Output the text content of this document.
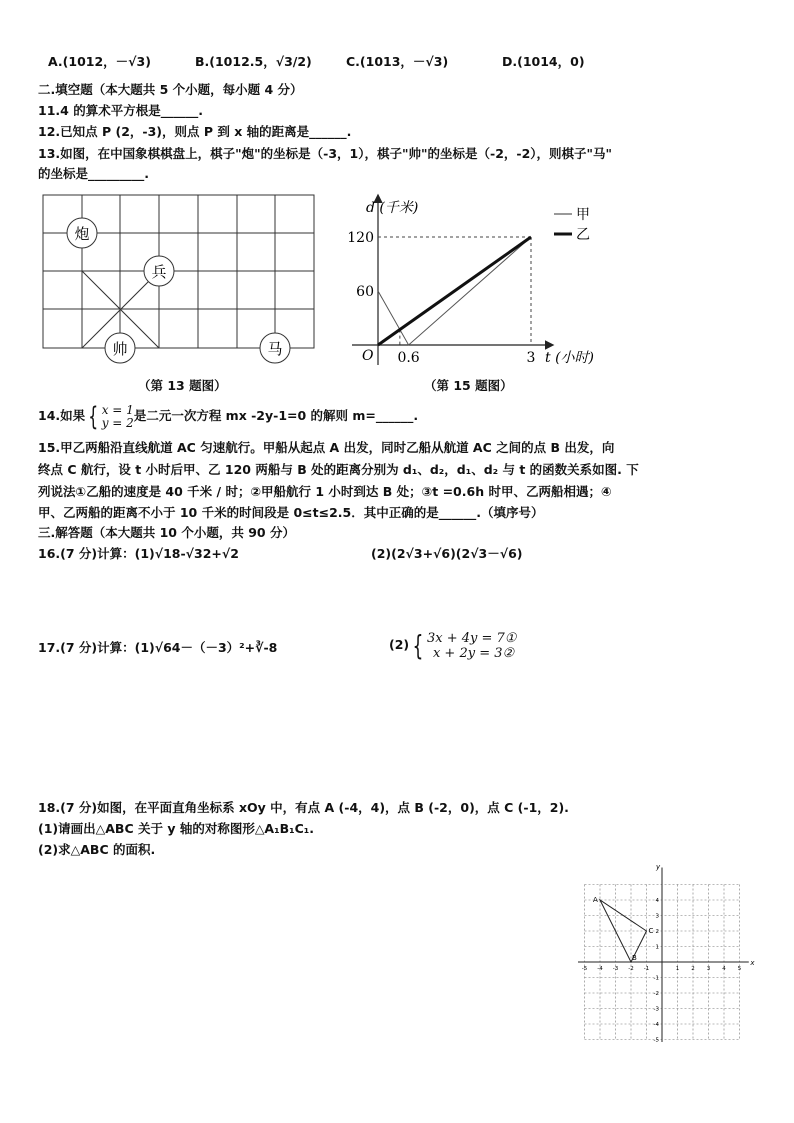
A.(1012，－√3)	B.(1012.5，√3/2)	C.(1013，－√3)	D.(1014，0)
二.填空题（本大题共 5 个小题，每小题 4 分）
11.4 的算术平方根是______.
12.已知点 P (2，-3)，则点 P 到 x 轴的距离是______.
13.如图，在中国象棋棋盘上，棋子"炮"的坐标是（-3，1），棋子"帅"的坐标是（-2，-2），则棋子"马"
的坐标是_________.
炮
兵
帅	马
d (千米)
t (小时)
O
120
60
0.6	3
甲
乙
（第 13 题图）	（第 15 题图）
14.如果 { x = 1
y = 2 是二元一次方程 mx -2y-1=0 的解则 m=______.
15.甲乙两船沿直线航道 AC 匀速航行。甲船从起点 A 出发，同时乙船从航道 AC 之间的点 B 出发，向
终点 C 航行，设 t 小时后甲、乙 120 两船与 B 处的距离分别为 d₁、d₂，d₁、d₂ 与 t 的函数关系如图. 下
列说法①乙船的速度是 40 千米 / 时；②甲船航行 1 小时到达 B 处；③t =0.6h 时甲、乙两船相遇；④
甲、乙两船的距离不小于 10 千米的时间段是 0≤t≤2.5．其中正确的是______.（填序号）
三.解答题（本大题共 10 个小题，共 90 分）
16.(7 分)计算：(1)√18-√32+√2	(2)(2√3+√6)(2√3－√6)
17.(7 分)计算：(1)√64－（－3）²+∛-8	(2) { 3x + 4y = 7①
x + 2y = 3②
18.(7 分)如图，在平面直角坐标系 xOy 中，有点 A (-4，4)，点 B (-2，0)，点 C (-1，2).
(1)请画出△ABC 关于 y 轴的对称图形△A₁B₁C₁.
(2)求△ABC 的面积.
x
y
-5 -4 -3 -2 -1	1 2 3 4 5
4
3
2
1
-1
-2
-3
-4
-5
A
B
C
